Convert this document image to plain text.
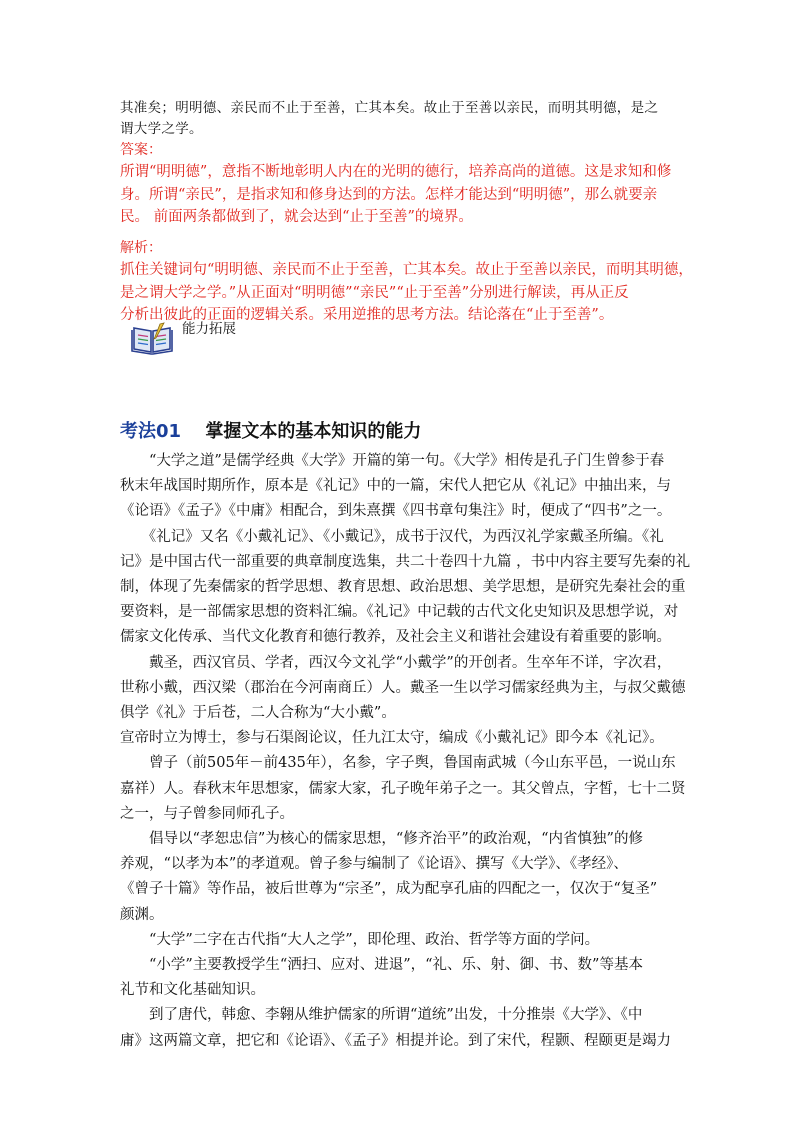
其准矣；明明德、亲民而不止于至善，亡其本矣。故止于至善以亲民，而明其明德，是之

谓大学之学。

答案：

所谓“明明德”，意指不断地彰明人内在的光明的德行，培养高尚的道德。这是求知和修

身。所谓“亲民”，是指求知和修身达到的方法。怎样才能达到“明明德”，那么就要亲

民。 前面两条都做到了，就会达到“止于至善”的境界。

解析：

抓住关键词句“明明德、亲民而不止于至善，亡其本矣。故止于至善以亲民，而明其明德，

是之谓大学之学。”从正面对“明明德”“亲民”“止于至善”分别进行解读，再从正反

分析出彼此的正面的逻辑关系。采用逆推的思考方法。结论落在“止于至善”。

能力拓展
考法01 掌握文本的基本知识的能力

　　“大学之道”是儒学经典《大学》开篇的第一句。《大学》相传是孔子门生曾参于春

秋末年战国时期所作，原本是《礼记》中的一篇，宋代人把它从《礼记》中抽出来，与

《论语》《孟子》《中庸》相配合，到朱熹撰《四书章句集注》时，便成了“四书”之一。

　　《礼记》又名《小戴礼记》、《小戴记》，成书于汉代，为西汉礼学家戴圣所编。《礼

记》是中国古代一部重要的典章制度选集，共二十卷四十九篇 ，书中内容主要写先秦的礼

制，体现了先秦儒家的哲学思想、教育思想、政治思想、美学思想，是研究先秦社会的重

要资料，是一部儒家思想的资料汇编。《礼记》中记载的古代文化史知识及思想学说，对

儒家文化传承、当代文化教育和德行教养，及社会主义和谐社会建设有着重要的影响。

　　戴圣，西汉官员、学者，西汉今文礼学“小戴学”的开创者。生卒年不详，字次君，

世称小戴，西汉梁（郡治在今河南商丘）人。戴圣一生以学习儒家经典为主，与叔父戴德

俱学《礼》于后苍，二人合称为“大小戴”。

宣帝时立为博士，参与石渠阁论议，任九江太守，编成《小戴礼记》即今本《礼记》。

　　曾子（前505年－前435年），名参，字子舆，鲁国南武城（今山东平邑，一说山东

嘉祥）人。春秋末年思想家，儒家大家，孔子晚年弟子之一。其父曾点，字皙，七十二贤

之一，与子曾参同师孔子。

　　倡导以“孝恕忠信”为核心的儒家思想，“修齐治平”的政治观，“内省慎独”的修

养观，“以孝为本”的孝道观。曾子参与编制了《论语》、撰写《大学》、《孝经》、

《曾子十篇》等作品，被后世尊为“宗圣”，成为配享孔庙的四配之一，仅次于“复圣”

颜渊。

　　“大学”二字在古代指“大人之学”，即伦理、政治、哲学等方面的学问。

　　“小学”主要教授学生“洒扫、应对、进退”，“礼、乐、射、御、书、数”等基本

礼节和文化基础知识。

　　到了唐代，韩愈、李翱从维护儒家的所谓“道统”出发，十分推崇《大学》、《中

庸》这两篇文章，把它和《论语》、《孟子》相提并论。到了宋代，程颢、程颐更是竭力
